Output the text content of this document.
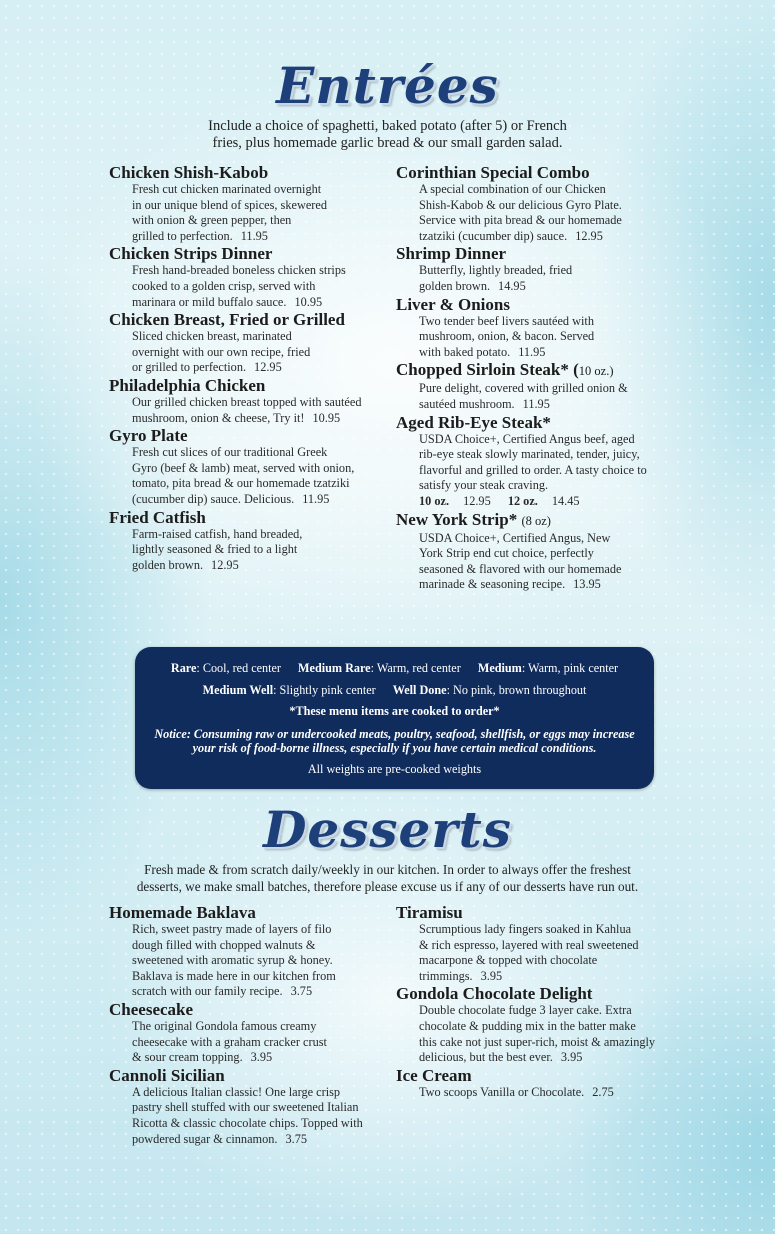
Entrées
Include a choice of spaghetti, baked potato (after 5) or French
fries, plus homemade garlic bread & our small garden salad.
Chicken Shish-Kabob
Fresh cut chicken marinated overnight
in our unique blend of spices, skewered
with onion & green pepper, then
grilled to perfection. 11.95
Chicken Strips Dinner
Fresh hand-breaded boneless chicken strips
cooked to a golden crisp, served with
marinara or mild buffalo sauce. 10.95
Chicken Breast, Fried or Grilled
Sliced chicken breast, marinated
overnight with our own recipe, fried
or grilled to perfection. 12.95
Philadelphia Chicken
Our grilled chicken breast topped with sautéed
mushroom, onion & cheese, Try it! 10.95
Gyro Plate
Fresh cut slices of our traditional Greek
Gyro (beef & lamb) meat, served with onion,
tomato, pita bread & our homemade tzatziki
(cucumber dip) sauce. Delicious. 11.95
Fried Catfish
Farm-raised catfish, hand breaded,
lightly seasoned & fried to a light
golden brown. 12.95
Corinthian Special Combo
A special combination of our Chicken
Shish-Kabob & our delicious Gyro Plate.
Service with pita bread & our homemade
tzatziki (cucumber dip) sauce. 12.95
Shrimp Dinner
Butterfly, lightly breaded, fried
golden brown. 14.95
Liver & Onions
Two tender beef livers sautéed with
mushroom, onion, & bacon. Served
with baked potato. 11.95
Chopped Sirloin Steak* (10 oz.)
Pure delight, covered with grilled onion &
sautéed mushroom. 11.95
Aged Rib-Eye Steak*
USDA Choice+, Certified Angus beef, aged
rib-eye steak slowly marinated, tender, juicy,
flavorful and grilled to order. A tasty choice to
satisfy your steak craving.
10 oz. 12.95 12 oz. 14.45
New York Strip* (8 oz)
USDA Choice+, Certified Angus, New
York Strip end cut choice, perfectly
seasoned & flavored with our homemade
marinade & seasoning recipe. 13.95
Rare: Cool, red center Medium Rare: Warm, red center Medium: Warm, pink center
Medium Well: Slightly pink center Well Done: No pink, brown throughout
*These menu items are cooked to order*
Notice: Consuming raw or undercooked meats, poultry, seafood, shellfish, or eggs may increase
your risk of food-borne illness, especially if you have certain medical conditions.
All weights are pre-cooked weights
Desserts
Fresh made & from scratch daily/weekly in our kitchen. In order to always offer the freshest
desserts, we make small batches, therefore please excuse us if any of our desserts have run out.
Homemade Baklava
Rich, sweet pastry made of layers of filo
dough filled with chopped walnuts &
sweetened with aromatic syrup & honey.
Baklava is made here in our kitchen from
scratch with our family recipe. 3.75
Cheesecake
The original Gondola famous creamy
cheesecake with a graham cracker crust
& sour cream topping. 3.95
Cannoli Sicilian
A delicious Italian classic! One large crisp
pastry shell stuffed with our sweetened Italian
Ricotta & classic chocolate chips. Topped with
powdered sugar & cinnamon. 3.75
Tiramisu
Scrumptious lady fingers soaked in Kahlua
& rich espresso, layered with real sweetened
macarpone & topped with chocolate
trimmings. 3.95
Gondola Chocolate Delight
Double chocolate fudge 3 layer cake. Extra
chocolate & pudding mix in the batter make
this cake not just super-rich, moist & amazingly
delicious, but the best ever. 3.95
Ice Cream
Two scoops Vanilla or Chocolate. 2.75
